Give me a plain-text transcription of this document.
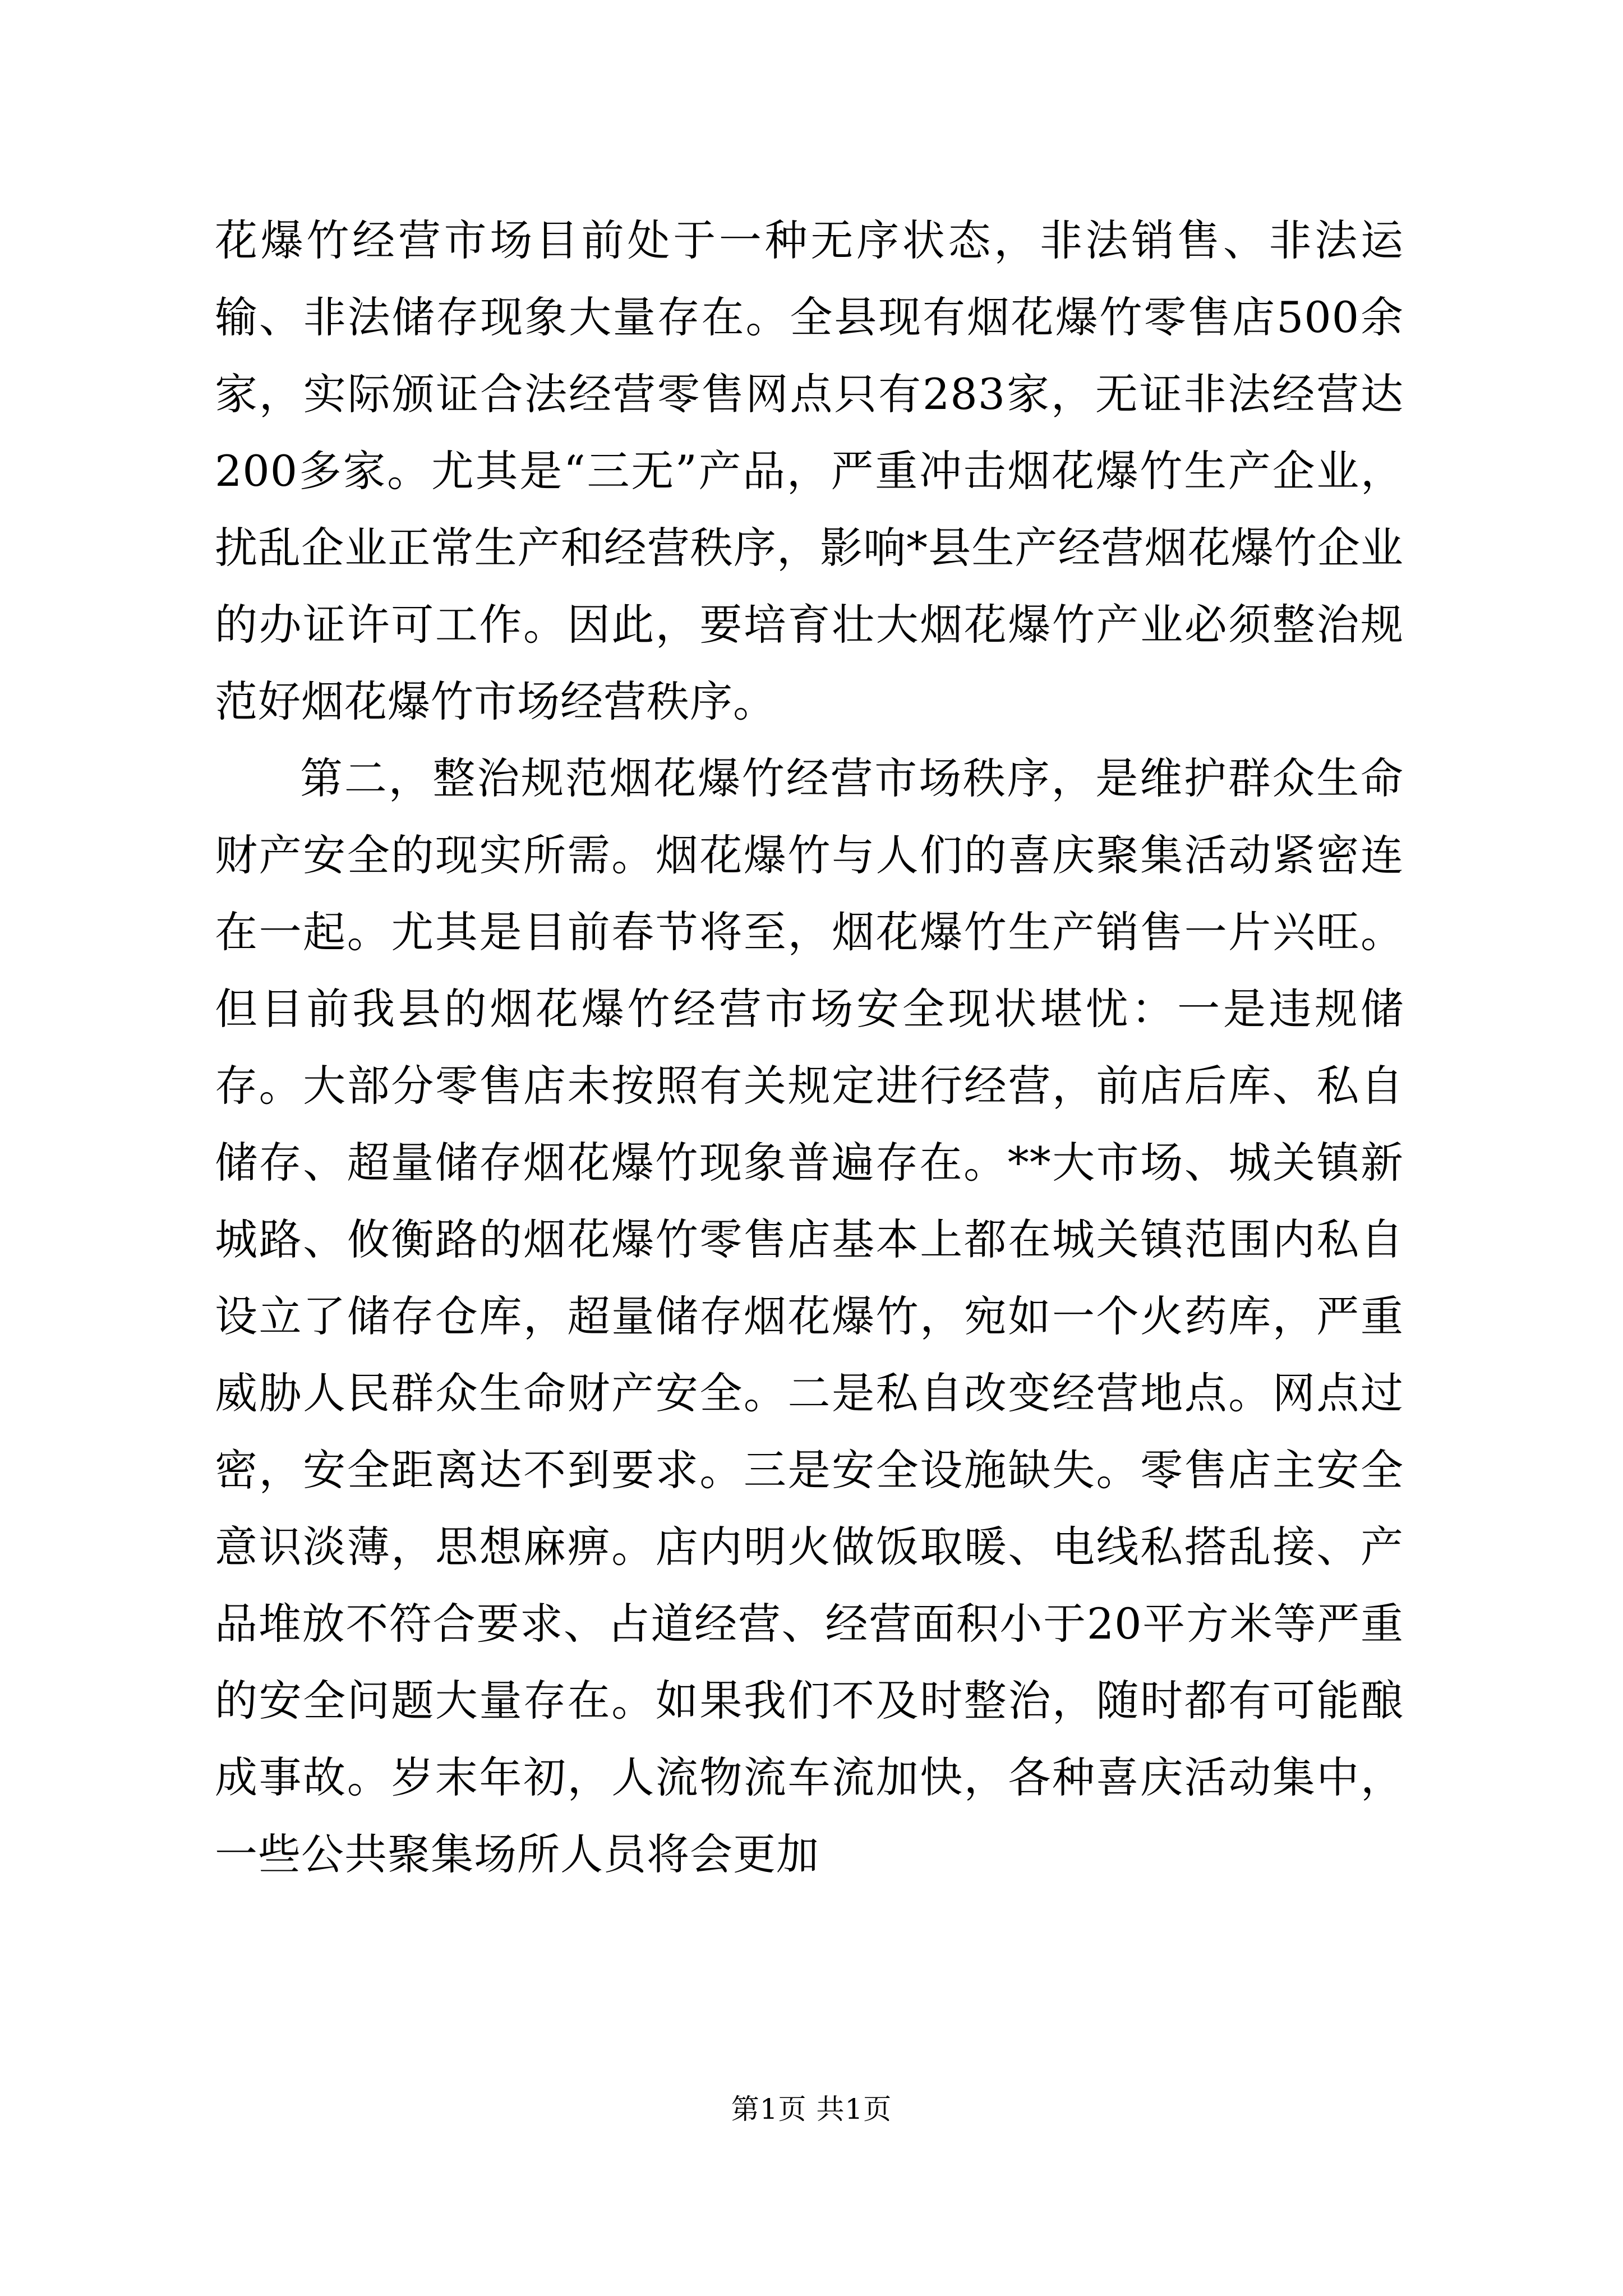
花爆竹经营市场目前处于一种无序状态，非法销售、非法运输、非法储存现象大量存在。全县现有烟花爆竹零售店500余家，实际颁证合法经营零售网点只有283家，无证非法经营达200多家。尤其是“三无”产品，严重冲击烟花爆竹生产企业，扰乱企业正常生产和经营秩序，影响*县生产经营烟花爆竹企业的办证许可工作。因此，要培育壮大烟花爆竹产业必须整治规范好烟花爆竹市场经营秩序。

第二，整治规范烟花爆竹经营市场秩序，是维护群众生命财产安全的现实所需。烟花爆竹与人们的喜庆聚集活动紧密连在一起。尤其是目前春节将至，烟花爆竹生产销售一片兴旺。但目前我县的烟花爆竹经营市场安全现状堪忧：一是违规储存。大部分零售店未按照有关规定进行经营，前店后库、私自储存、超量储存烟花爆竹现象普遍存在。**大市场、城关镇新城路、攸衡路的烟花爆竹零售店基本上都在城关镇范围内私自设立了储存仓库，超量储存烟花爆竹，宛如一个火药库，严重威胁人民群众生命财产安全。二是私自改变经营地点。网点过密，安全距离达不到要求。三是安全设施缺失。零售店主安全意识淡薄，思想麻痹。店内明火做饭取暖、电线私搭乱接、产品堆放不符合要求、占道经营、经营面积小于20平方米等严重的安全问题大量存在。如果我们不及时整治，随时都有可能酿成事故。岁末年初，人流物流车流加快，各种喜庆活动集中，一些公共聚集场所人员将会更加

第1页 共1页
